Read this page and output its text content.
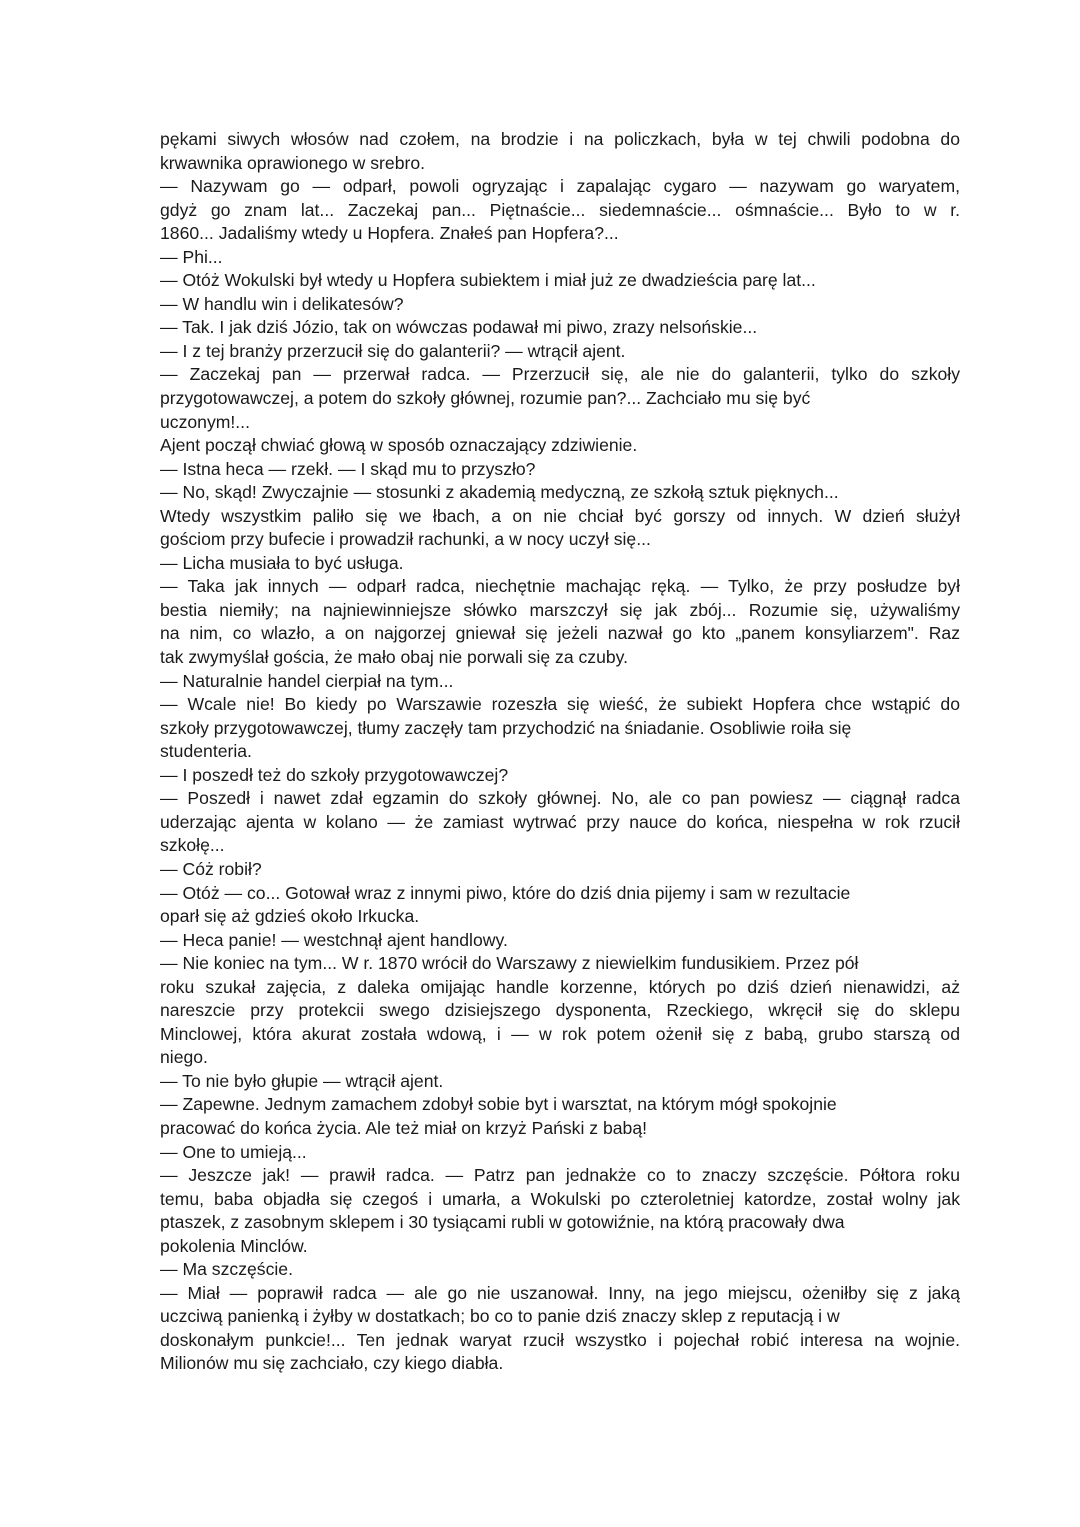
pękami siwych włosów nad czołem, na brodzie i na policzkach, była w tej chwili podobna do
krwawnika oprawionego w srebro.
— Nazywam go — odparł, powoli ogryzając i zapalając cygaro — nazywam go waryatem,
gdyż go znam lat... Zaczekaj pan... Piętnaście... siedemnaście... ośmnaście... Było to w r.
1860... Jadaliśmy wtedy u Hopfera. Znałeś pan Hopfera?...
— Phi...
— Otóż Wokulski był wtedy u Hopfera subiektem i miał już ze dwadzieścia parę lat...
— W handlu win i delikatesów?
— Tak. I jak dziś Józio, tak on wówczas podawał mi piwo, zrazy nelsońskie...
— I z tej branży przerzucił się do galanterii? — wtrącił ajent.
— Zaczekaj pan — przerwał radca. — Przerzucił się, ale nie do galanterii, tylko do szkoły
przygotowawczej, a potem do szkoły głównej, rozumie pan?... Zachciało mu się być
uczonym!...
Ajent począł chwiać głową w sposób oznaczający zdziwienie.
— Istna heca — rzekł. — I skąd mu to przyszło?
— No, skąd! Zwyczajnie — stosunki z akademią medyczną, ze szkołą sztuk pięknych...
Wtedy wszystkim paliło się we łbach, a on nie chciał być gorszy od innych. W dzień służył
gościom przy bufecie i prowadził rachunki, a w nocy uczył się...
— Licha musiała to być usługa.
— Taka jak innych — odparł radca, niechętnie machając ręką. — Tylko, że przy posłudze był
bestia niemiły; na najniewinniejsze słówko marszczył się jak zbój... Rozumie się, używaliśmy
na nim, co wlazło, a on najgorzej gniewał się jeżeli nazwał go kto „panem konsyliarzem". Raz
tak zwymyślał gościa, że mało obaj nie porwali się za czuby.
— Naturalnie handel cierpiał na tym...
— Wcale nie! Bo kiedy po Warszawie rozeszła się wieść, że subiekt Hopfera chce wstąpić do
szkoły przygotowawczej, tłumy zaczęły tam przychodzić na śniadanie. Osobliwie roiła się
studenteria.
— I poszedł też do szkoły przygotowawczej?
— Poszedł i nawet zdał egzamin do szkoły głównej. No, ale co pan powiesz — ciągnął radca
uderzając ajenta w kolano — że zamiast wytrwać przy nauce do końca, niespełna w rok rzucił
szkołę...
— Cóż robił?
— Otóż — co... Gotował wraz z innymi piwo, które do dziś dnia pijemy i sam w rezultacie
oparł się aż gdzieś około Irkucka.
— Heca panie! — westchnął ajent handlowy.
— Nie koniec na tym... W r. 1870 wrócił do Warszawy z niewielkim fundusikiem. Przez pół
roku szukał zajęcia, z daleka omijając handle korzenne, których po dziś dzień nienawidzi, aż
nareszcie przy protekcii swego dzisiejszego dysponenta, Rzeckiego, wkręcił się do sklepu
Minclowej, która akurat została wdową, i — w rok potem ożenił się z babą, grubo starszą od
niego.
— To nie było głupie — wtrącił ajent.
— Zapewne. Jednym zamachem zdobył sobie byt i warsztat, na którym mógł spokojnie
pracować do końca życia. Ale też miał on krzyż Pański z babą!
— One to umieją...
— Jeszcze jak! — prawił radca. — Patrz pan jednakże co to znaczy szczęście. Półtora roku
temu, baba objadła się czegoś i umarła, a Wokulski po czteroletniej katordze, został wolny jak
ptaszek, z zasobnym sklepem i 30 tysiącami rubli w gotowiźnie, na którą pracowały dwa
pokolenia Minclów.
— Ma szczęście.
— Miał — poprawił radca — ale go nie uszanował. Inny, na jego miejscu, ożeniłby się z jaką
uczciwą panienką i żyłby w dostatkach; bo co to panie dziś znaczy sklep z reputacją i w
doskonałym punkcie!... Ten jednak waryat rzucił wszystko i pojechał robić interesa na wojnie.
Milionów mu się zachciało, czy kiego diabła.
